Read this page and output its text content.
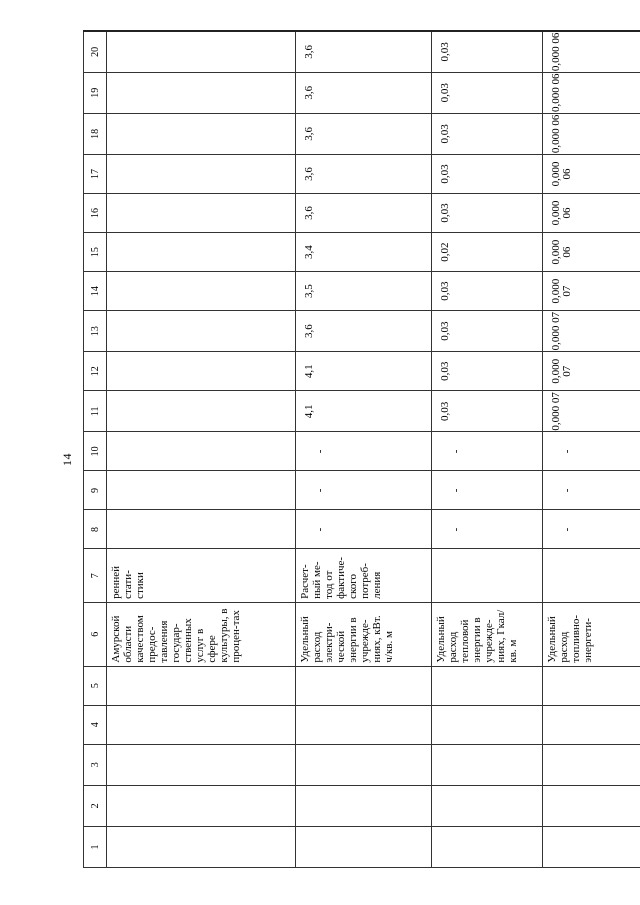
14
1	2	3	4	5	6	7	8	9	10	11	12	13	14	15	16	17	18	19	20
					Амурской области качеством предос-тавления государ-ственных услуг в сфере культуры, в процен-тах	ренней стати-стики													
					Удельный расход электри-ческой энергии в учрежде-ниях, кВт. ч/кв. м	Расчет-ный ме-тод от фактиче-ского потреб-ления	-	-	-	4,1	4,1	3,6	3,5	3,4	3,6	3,6	3,6	3,6	3,6
					Удельный расход тепловой энергии в учрежде-ниях, Гкал/кв. м		-	-	-	0,03	0,03	0,03	0,03	0,02	0,03	0,03	0,03	0,03	0,03
					Удельный расход топливно-энергети-		-	-	-	0,000 07	0,000 07	0,000 07	0,000 07	0,000 06	0,000 06	0,000 06	0,000 06	0,000 06	0,000 06
